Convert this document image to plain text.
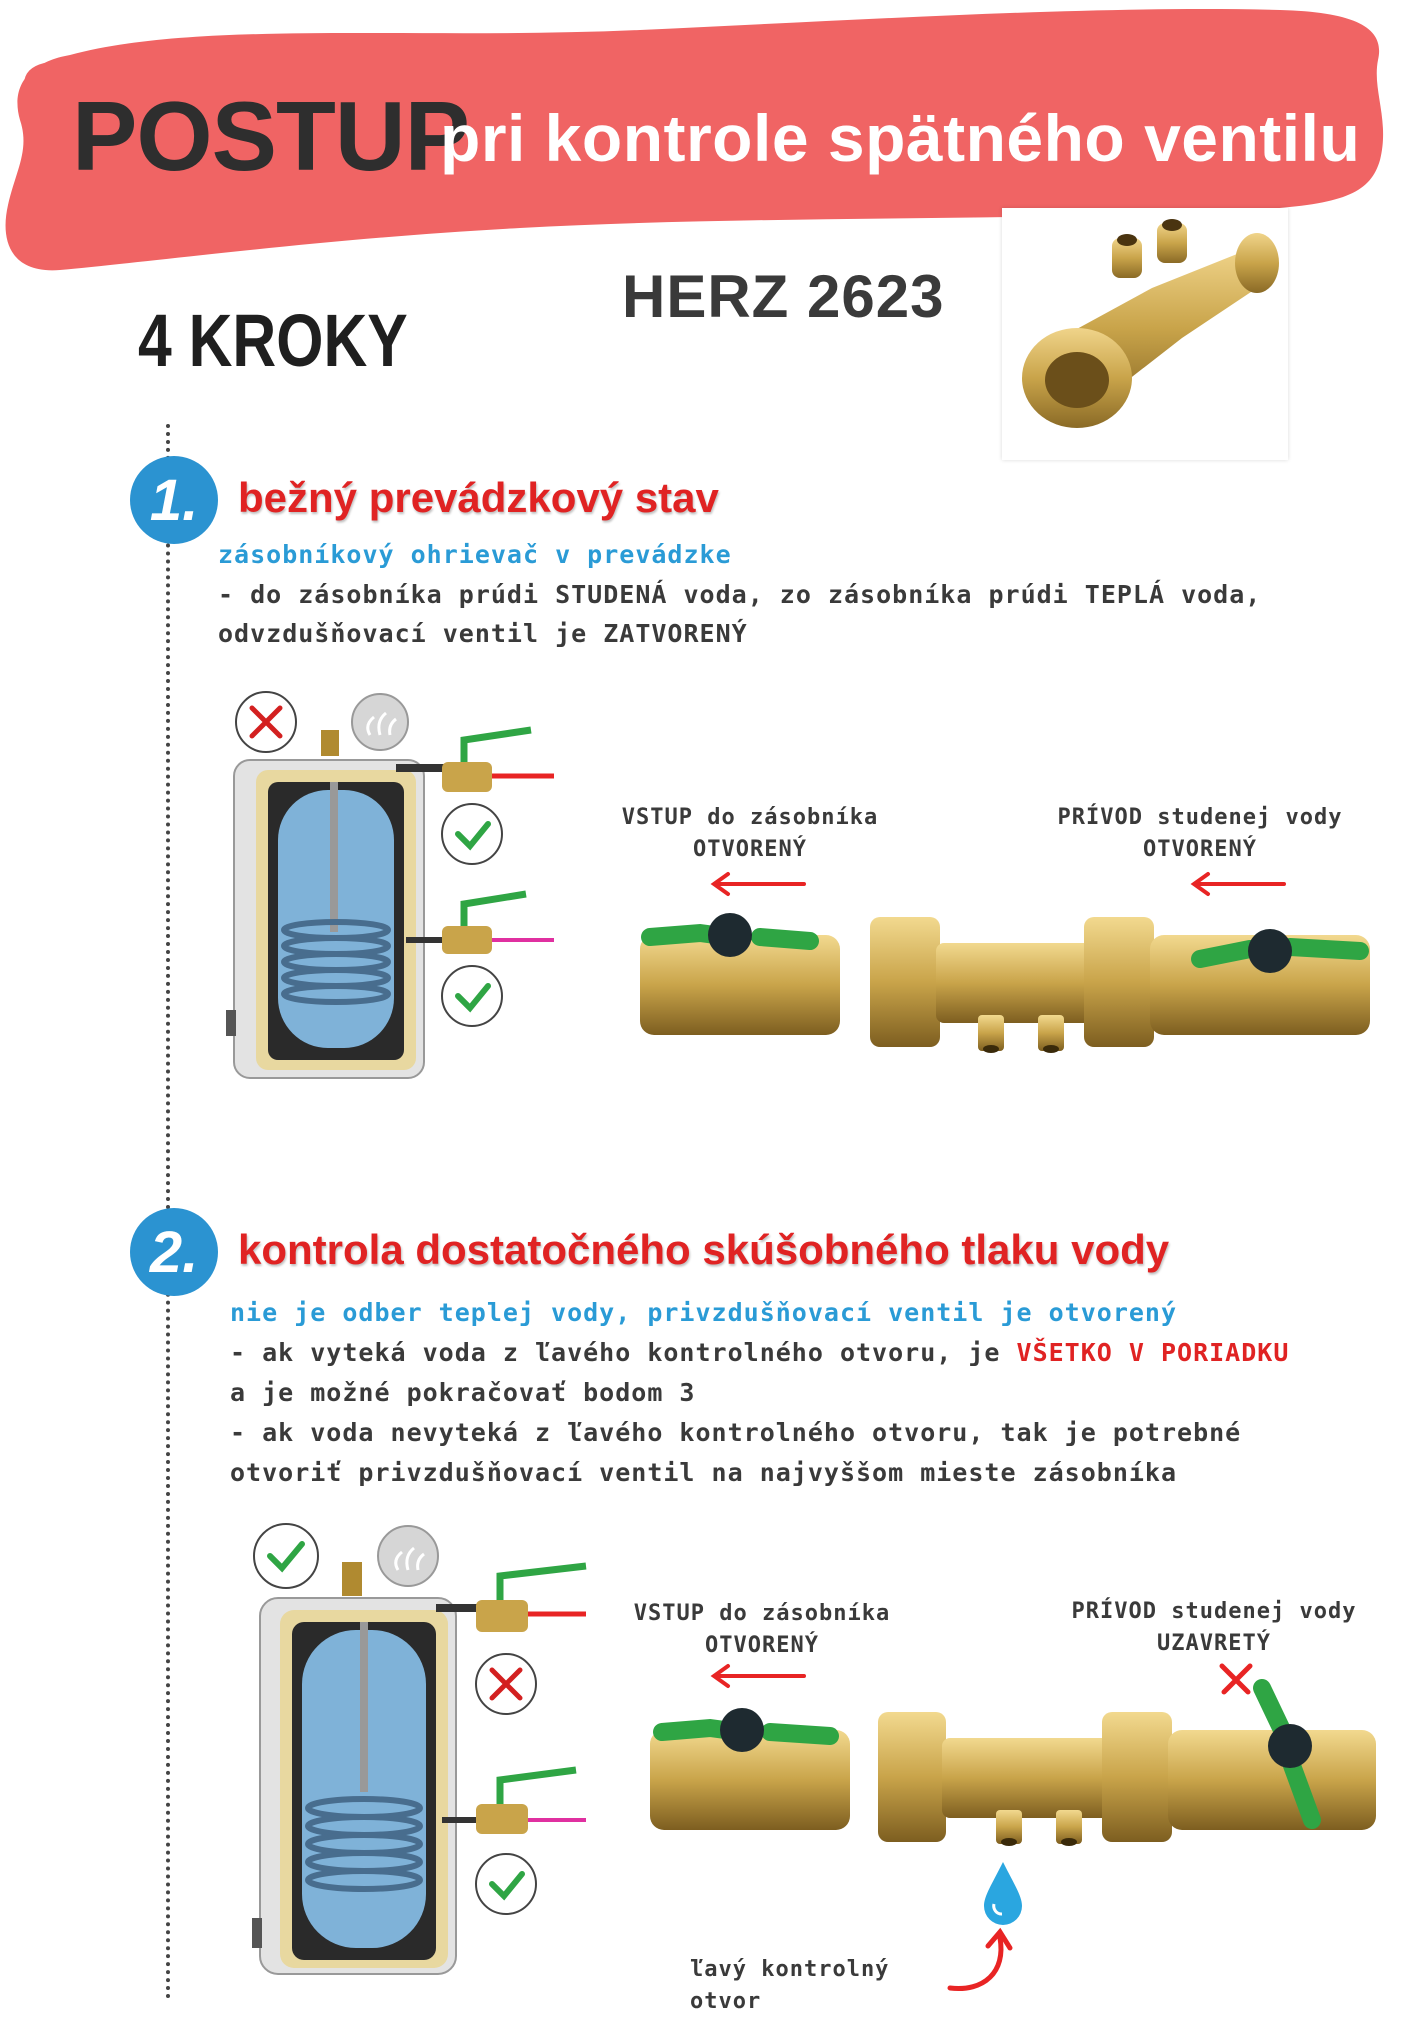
POSTUP
pri kontrole spätného ventilu
4 KROKY
HERZ 2623
1. bežný prevádzkový stav
zásobníkový ohrievač v prevádzke
- do zásobníka prúdi STUDENÁ voda, zo zásobníka prúdi TEPLÁ voda,
odvzdušňovací ventil je ZATVORENÝ
VSTUP do zásobníka
OTVORENÝ
PRÍVOD studenej vody
OTVORENÝ
2. kontrola dostatočného skúšobného tlaku vody
nie je odber teplej vody, privzdušňovací ventil je otvorený
- ak vyteká voda z ľavého kontrolného otvoru, je VŠETKO V PORIADKU
a je možné pokračovať bodom 3
- ak voda nevyteká z ľavého kontrolného otvoru, tak je potrebné
otvoriť privzdušňovací ventil na najvyššom mieste zásobníka
VSTUP do zásobníka
OTVORENÝ
PRÍVOD studenej vody
UZAVRETÝ
ľavý kontrolný otvor
